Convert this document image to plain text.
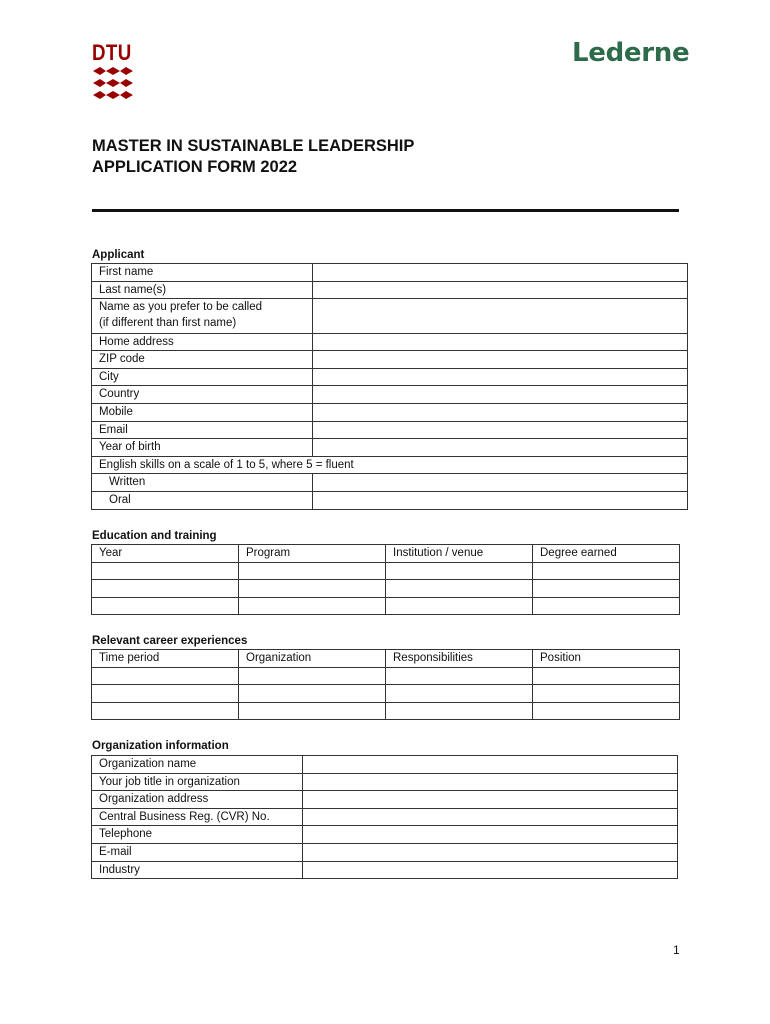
DTU	Lederne
MASTER IN SUSTAINABLE LEADERSHIP
APPLICATION FORM 2022
Applicant
First name	
Last name(s)	

Name as you prefer to be called
(if different than first name)	

Home address	
ZIP code	
City	
Country	
Mobile	
Email	
Year of birth	
English skills on a scale of 1 to 5, where 5 = fluent	
Written	
Oral	
Education and training
Year	Program	Institution / venue	Degree earned

Relevant career experiences
Time period	Organization	Responsibilities	Position

Organization information
Organization name	
Your job title in organization	
Organization address	
Central Business Reg. (CVR) No.	
Telephone	
E-mail	
Industry	
1
